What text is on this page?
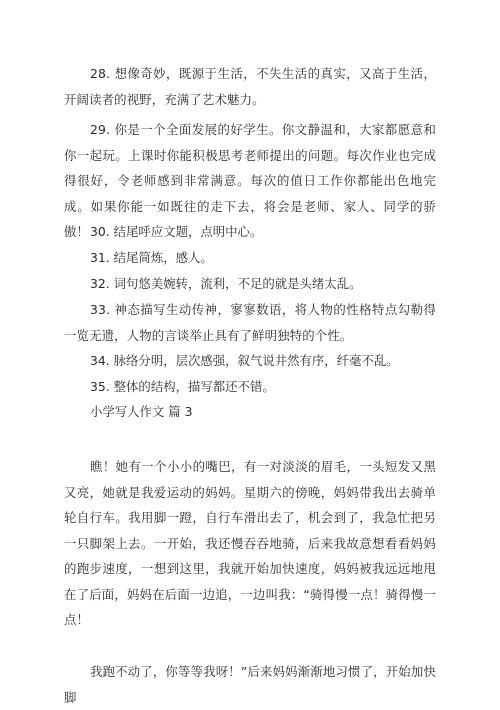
28. 想像奇妙，既源于生活，不失生活的真实，又高于生活，开阔读者的视野，充满了艺术魅力。

29. 你是一个全面发展的好学生。你文静温和，大家都愿意和你一起玩。上课时你能积极思考老师提出的问题。每次作业也完成得很好，令老师感到非常满意。每次的值日工作你都能出色地完成。如果你能一如既往的走下去，将会是老师、家人、同学的骄傲！ 30. 结尾呼应文题，点明中心。

31. 结尾简炼，感人。

32. 词句悠美婉转，流利，不足的就是头绪太乱。

33. 神态描写生动传神，寥寥数语，将人物的性格特点勾勒得一览无遗，人物的言谈举止具有了鲜明独特的个性。

34. 脉络分明，层次感强，叙气说井然有序，纤毫不乱。

35. 整体的结构，描写都还不错。

小学写人作文 篇 3

瞧！她有一个小小的嘴巴，有一对淡淡的眉毛，一头短发又黑又亮，她就是我爱运动的妈妈。星期六的傍晚，妈妈带我出去骑单轮自行车。我用脚一蹬，自行车滑出去了，机会到了，我急忙把另一只脚架上去。一开始，我还慢吞吞地骑，后来我故意想看看妈妈的跑步速度，一想到这里，我就开始加快速度，妈妈被我远远地甩在了后面，妈妈在后面一边追，一边叫我：“骑得慢一点！骑得慢一点！

我跑不动了，你等等我呀！”后来妈妈渐渐地习惯了，开始加快脚
